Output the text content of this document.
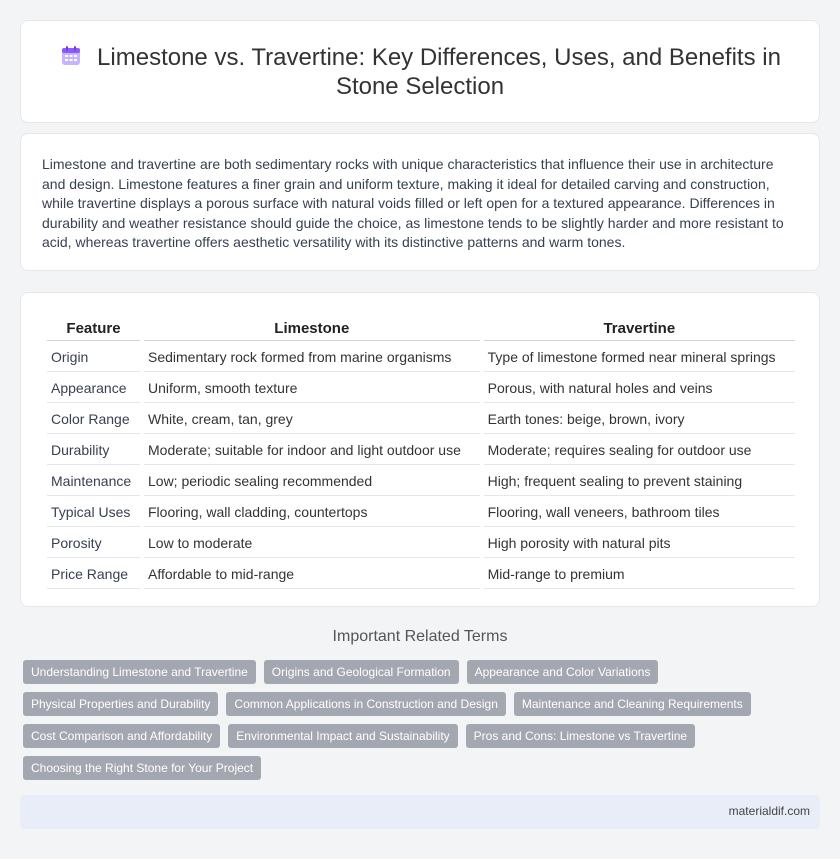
Limestone vs. Travertine: Key Differences, Uses, and Benefits in Stone Selection

Limestone and travertine are both sedimentary rocks with unique characteristics that influence their use in architecture and design. Limestone features a finer grain and uniform texture, making it ideal for detailed carving and construction, while travertine displays a porous surface with natural voids filled or left open for a textured appearance. Differences in durability and weather resistance should guide the choice, as limestone tends to be slightly harder and more resistant to acid, whereas travertine offers aesthetic versatility with its distinctive patterns and warm tones.

Feature	Limestone	Travertine
Origin	Sedimentary rock formed from marine organisms	Type of limestone formed near mineral springs
Appearance	Uniform, smooth texture	Porous, with natural holes and veins
Color Range	White, cream, tan, grey	Earth tones: beige, brown, ivory
Durability	Moderate; suitable for indoor and light outdoor use	Moderate; requires sealing for outdoor use
Maintenance	Low; periodic sealing recommended	High; frequent sealing to prevent staining
Typical Uses	Flooring, wall cladding, countertops	Flooring, wall veneers, bathroom tiles
Porosity	Low to moderate	High porosity with natural pits
Price Range	Affordable to mid-range	Mid-range to premium
Important Related Terms
Understanding Limestone and Travertine	Origins and Geological Formation	Appearance and Color Variations
Physical Properties and Durability	Common Applications in Construction and Design	Maintenance and Cleaning Requirements
Cost Comparison and Affordability	Environmental Impact and Sustainability	Pros and Cons: Limestone vs Travertine
Choosing the Right Stone for Your Project
materialdif.com
